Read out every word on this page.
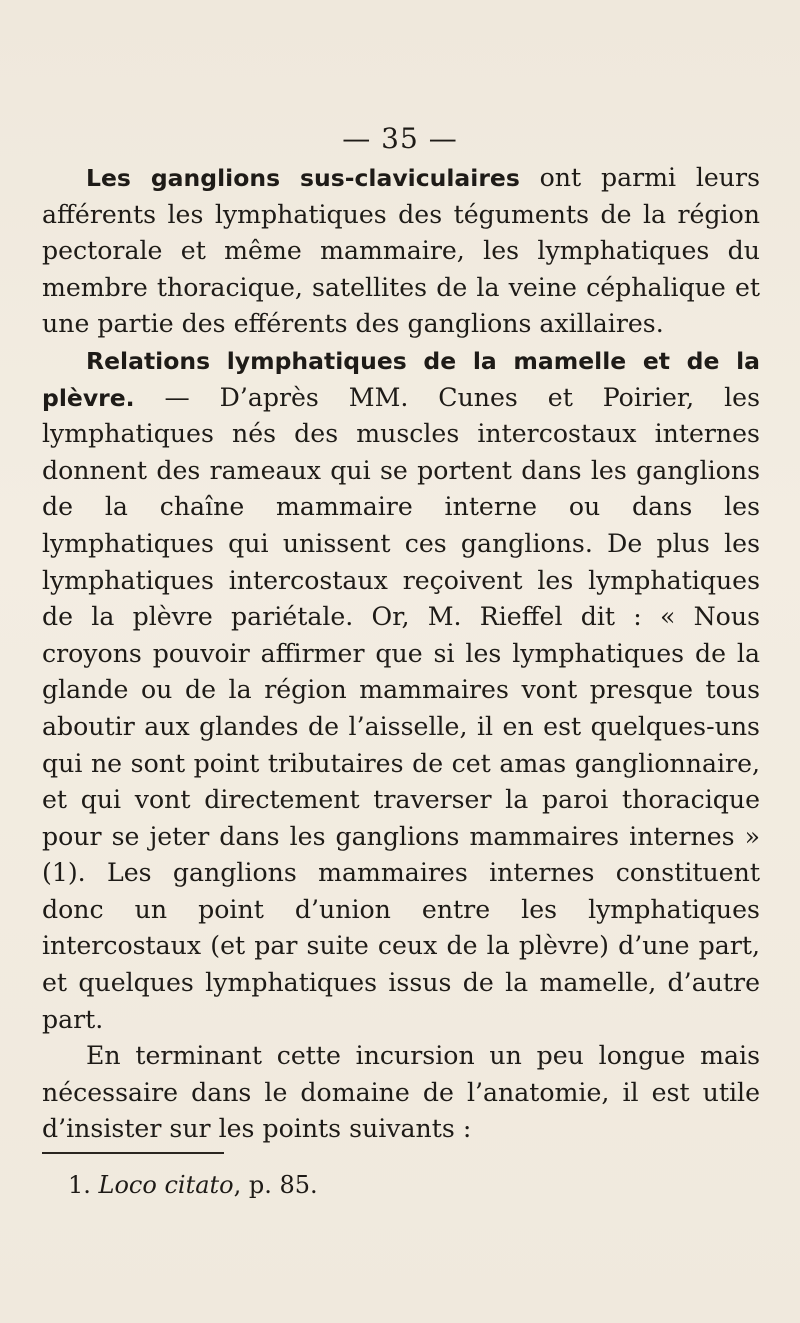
— 35 —

Les ganglions sus-claviculaires ont parmi leurs afférents les lymphatiques des téguments de la région pectorale et même mammaire, les lymphatiques du membre thoracique, satellites de la veine céphalique et une partie des efférents des ganglions axillaires.

Relations lymphatiques de la mamelle et de la plèvre. — D’après MM. Cunes et Poirier, les lymphatiques nés des muscles intercostaux internes donnent des rameaux qui se portent dans les ganglions de la chaîne mammaire interne ou dans les lymphatiques qui unissent ces ganglions. De plus les lymphatiques intercostaux reçoivent les lymphatiques de la plèvre pariétale. Or, M. Rieffel dit : « Nous croyons pouvoir affirmer que si les lymphatiques de la glande ou de la région mammaires vont presque tous aboutir aux glandes de l’aisselle, il en est quelques-uns qui ne sont point tributaires de cet amas ganglionnaire, et qui vont directement traverser la paroi thoracique pour se jeter dans les ganglions mammaires internes » (1). Les ganglions mammaires internes constituent donc un point d’union entre les lymphatiques intercostaux (et par suite ceux de la plèvre) d’une part, et quelques lymphatiques issus de la mamelle, d’autre part.

En terminant cette incursion un peu longue mais nécessaire dans le domaine de l’anatomie, il est utile d’insister sur les points suivants :

1. Loco citato, p. 85.
